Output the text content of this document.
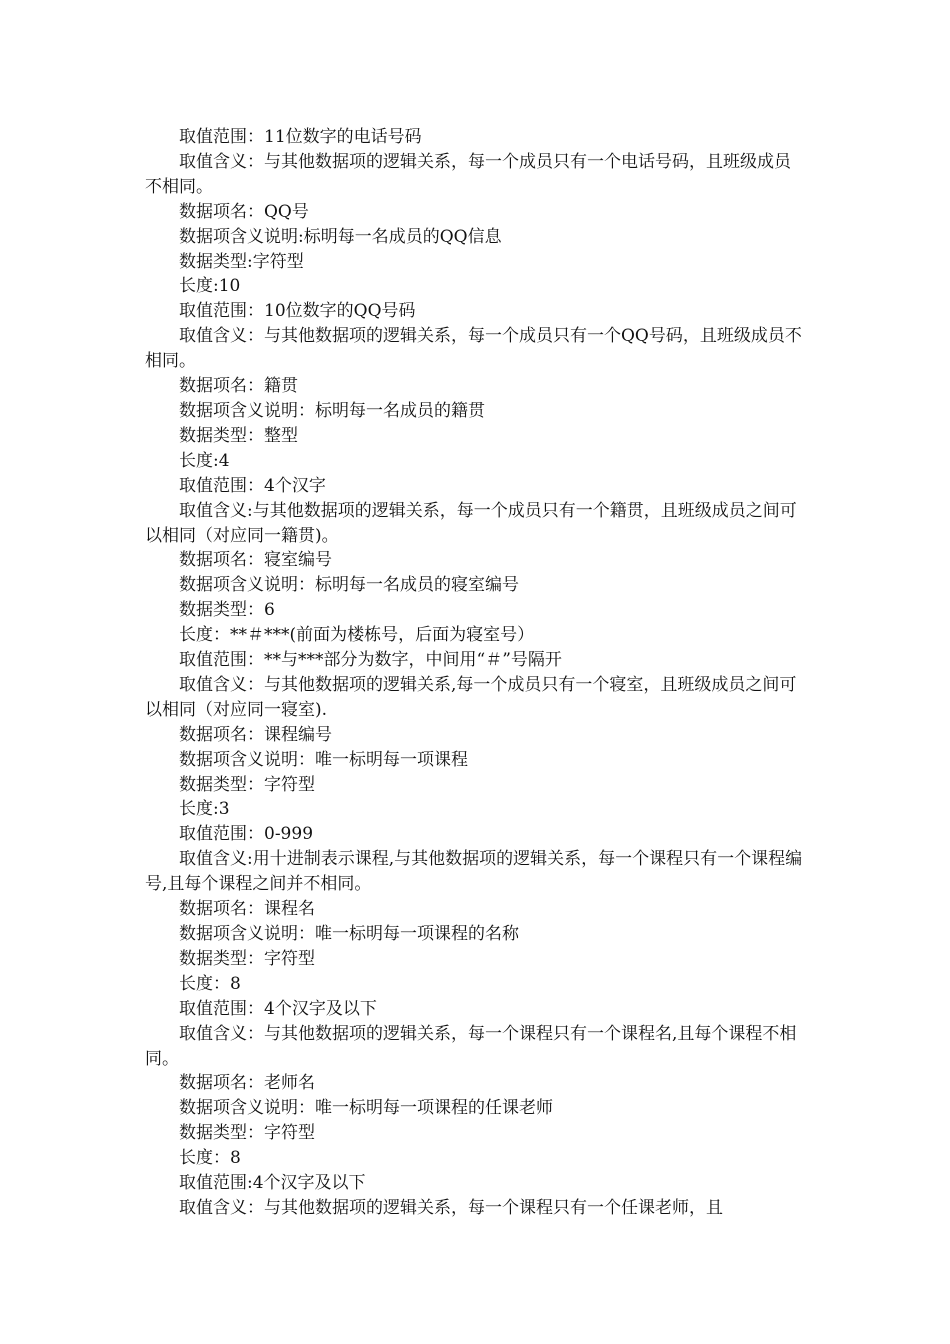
取值范围：11位数字的电话号码

取值含义：与其他数据项的逻辑关系，每一个成员只有一个电话号码，且班级成员不相同。

数据项名：QQ号

数据项含义说明:标明每一名成员的QQ信息

数据类型:字符型

长度:10

取值范围：10位数字的QQ号码

取值含义：与其他数据项的逻辑关系，每一个成员只有一个QQ号码，且班级成员不相同。

数据项名：籍贯

数据项含义说明：标明每一名成员的籍贯

数据类型：整型

长度:4

取值范围：4个汉字

取值含义:与其他数据项的逻辑关系，每一个成员只有一个籍贯，且班级成员之间可以相同（对应同一籍贯)。

数据项名：寝室编号

数据项含义说明：标明每一名成员的寝室编号

数据类型：6

长度：**＃***(前面为楼栋号，后面为寝室号）

取值范围：**与***部分为数字，中间用“＃”号隔开

取值含义：与其他数据项的逻辑关系,每一个成员只有一个寝室，且班级成员之间可以相同（对应同一寝室).

数据项名：课程编号

数据项含义说明：唯一标明每一项课程

数据类型：字符型

长度:3

取值范围：0-999

取值含义:用十进制表示课程,与其他数据项的逻辑关系，每一个课程只有一个课程编号,且每个课程之间并不相同。

数据项名：课程名

数据项含义说明：唯一标明每一项课程的名称

数据类型：字符型

长度：8

取值范围：4个汉字及以下

取值含义：与其他数据项的逻辑关系，每一个课程只有一个课程名,且每个课程不相同。

数据项名：老师名

数据项含义说明：唯一标明每一项课程的任课老师

数据类型：字符型

长度：8

取值范围:4个汉字及以下

取值含义：与其他数据项的逻辑关系，每一个课程只有一个任课老师，且
